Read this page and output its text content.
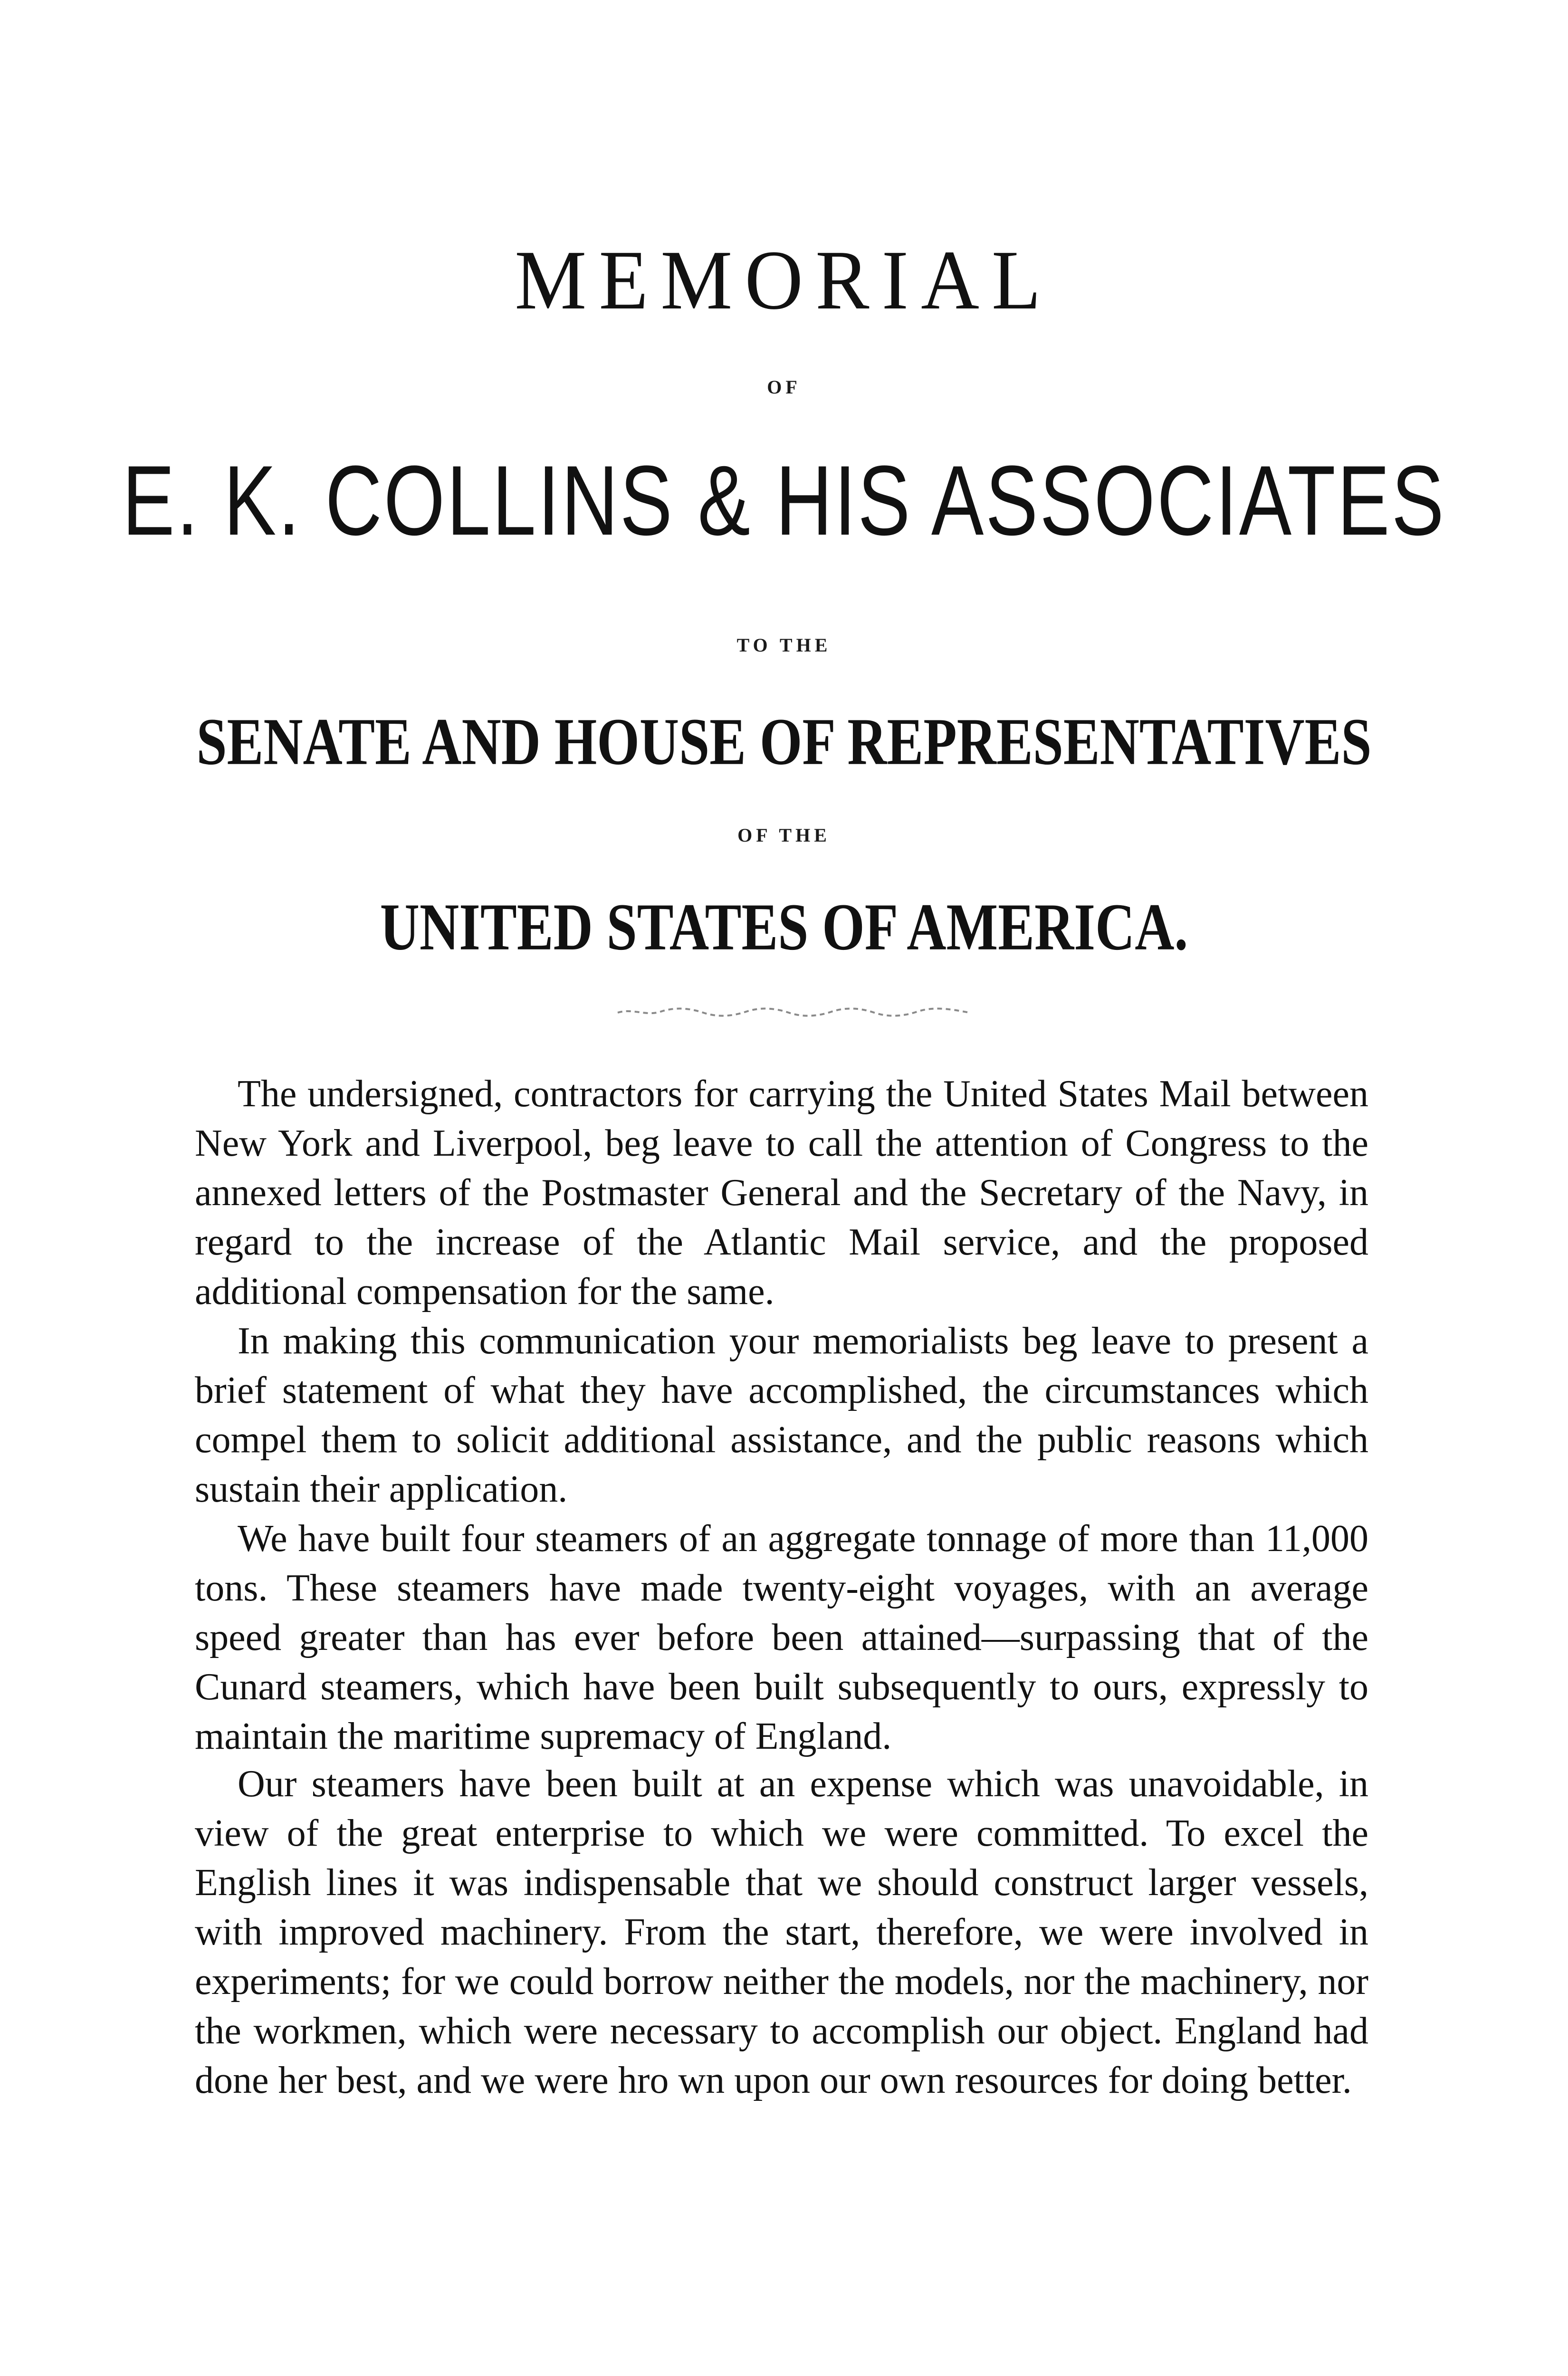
MEMORIAL
OF
E. K. COLLINS & HIS ASSOCIATES
TO THE
SENATE AND HOUSE OF REPRESENTATIVES
OF THE
UNITED STATES OF AMERICA.

The undersigned, contractors for carrying the United States Mail between New York and Liverpool, beg leave to call the attention of Congress to the annexed letters of the Postmaster General and the Secretary of the Navy, in regard to the increase of the Atlantic Mail service, and the proposed additional compensation for the same.

In making this communication your memorialists beg leave to present a brief statement of what they have accomplished, the circumstances which compel them to solicit additional assistance, and the public reasons which sustain their application.

We have built four steamers of an aggregate tonnage of more than 11,000 tons. These steamers have made twenty-eight voyages, with an average speed greater than has ever before been attained—surpassing that of the Cunard steamers, which have been built subsequently to ours, expressly to maintain the maritime supremacy of England.

Our steamers have been built at an expense which was unavoidable, in view of the great enterprise to which we were committed. To excel the English lines it was indispensable that we should construct larger vessels, with improved machinery. From the start, therefore, we were involved in experiments; for we could borrow neither the models, nor the machinery, nor the workmen, which were necessary to accomplish our object. England had done her best, and we were hro wn upon our own resources for doing better.
